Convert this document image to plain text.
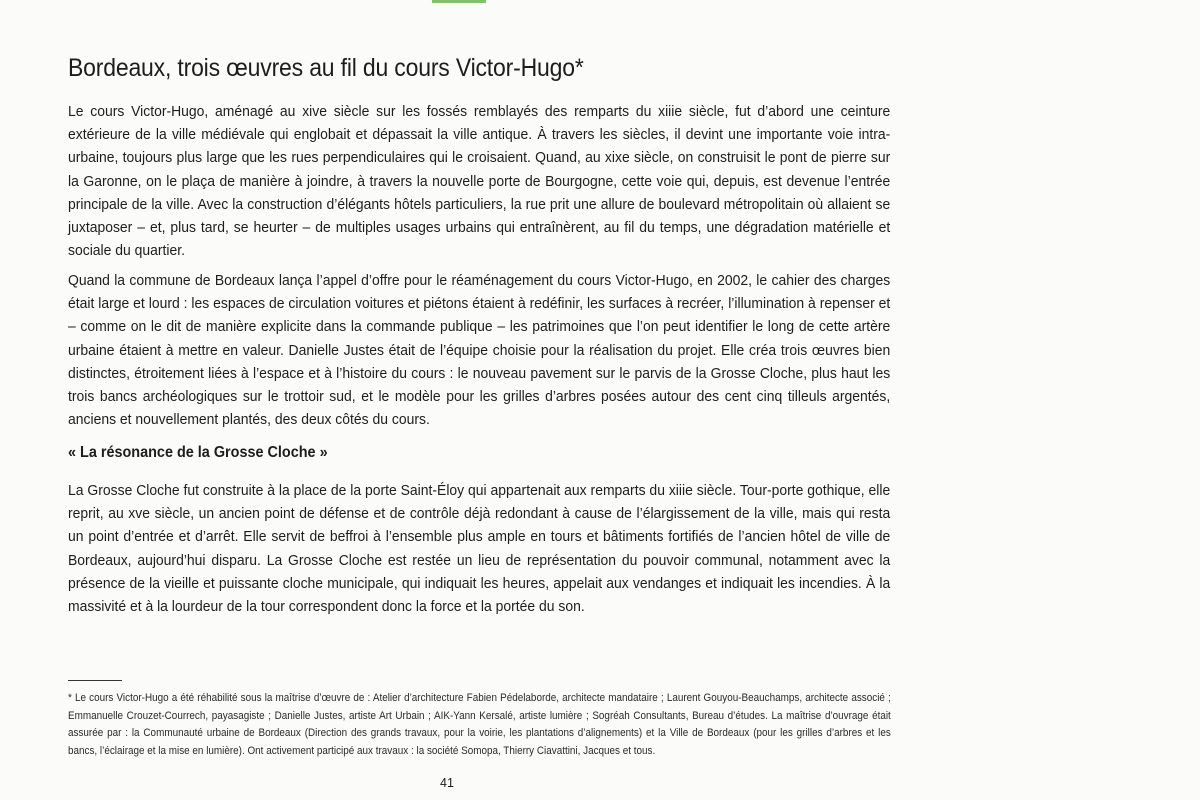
Bordeaux, trois œuvres au fil du cours Victor-Hugo*

Le cours Victor-Hugo, aménagé au xive siècle sur les fossés remblayés des remparts du xiiie siècle, fut d’abord une ceinture extérieure de la ville médiévale qui englobait et dépassait la ville antique. À travers les siècles, il devint une importante voie intra-urbaine, toujours plus large que les rues perpendiculaires qui le croisaient. Quand, au xixe siècle, on construisit le pont de pierre sur la Garonne, on le plaça de manière à joindre, à travers la nouvelle porte de Bourgogne, cette voie qui, depuis, est devenue l’entrée principale de la ville. Avec la construction d’élégants hôtels particuliers, la rue prit une allure de boulevard métropolitain où allaient se juxtaposer – et, plus tard, se heurter – de multiples usages urbains qui entraînèrent, au fil du temps, une dégradation matérielle et sociale du quartier.

Quand la commune de Bordeaux lança l’appel d’offre pour le réaménagement du cours Victor-Hugo, en 2002, le cahier des charges était large et lourd : les espaces de circulation voitures et piétons étaient à redéfinir, les surfaces à recréer, l’illumination à repenser et – comme on le dit de manière explicite dans la commande publique – les patrimoines que l’on peut identifier le long de cette artère urbaine étaient à mettre en valeur. Danielle Justes était de l’équipe choisie pour la réalisation du projet. Elle créa trois œuvres bien distinctes, étroitement liées à l’espace et à l’histoire du cours : le nouveau pavement sur le parvis de la Grosse Cloche, plus haut les trois bancs archéologiques sur le trottoir sud, et le modèle pour les grilles d’arbres posées autour des cent cinq tilleuls argentés, anciens et nouvellement plantés, des deux côtés du cours.

« La résonance de la Grosse Cloche »

La Grosse Cloche fut construite à la place de la porte Saint-Éloy qui appartenait aux remparts du xiiie siècle. Tour-porte gothique, elle reprit, au xve siècle, un ancien point de défense et de contrôle déjà redondant à cause de l’élargissement de la ville, mais qui resta un point d’entrée et d’arrêt. Elle servit de beffroi à l’ensemble plus ample en tours et bâtiments fortifiés de l’ancien hôtel de ville de Bordeaux, aujourd’hui disparu. La Grosse Cloche est restée un lieu de représentation du pouvoir communal, notamment avec la présence de la vieille et puissante cloche municipale, qui indiquait les heures, appelait aux vendanges et indiquait les incendies. À la massivité et à la lourdeur de la tour correspondent donc la force et la portée du son.

* Le cours Victor-Hugo a été réhabilité sous la maîtrise d’œuvre de : Atelier d’architecture Fabien Pédelaborde, architecte mandataire ; Laurent Gouyou-Beauchamps, architecte associé ; Emmanuelle Crouzet-Courrech, payasagiste ; Danielle Justes, artiste Art Urbain ; AIK-Yann Kersalé, artiste lumière ; Sogréah Consultants, Bureau d’études. La maîtrise d’ouvrage était assurée par : la Communauté urbaine de Bordeaux (Direction des grands travaux, pour la voirie, les plantations d’alignements) et la Ville de Bordeaux (pour les grilles d’arbres et les bancs, l’éclairage et la mise en lumière). Ont activement participé aux travaux : la société Somopa, Thierry Ciavattini, Jacques et tous.

41
